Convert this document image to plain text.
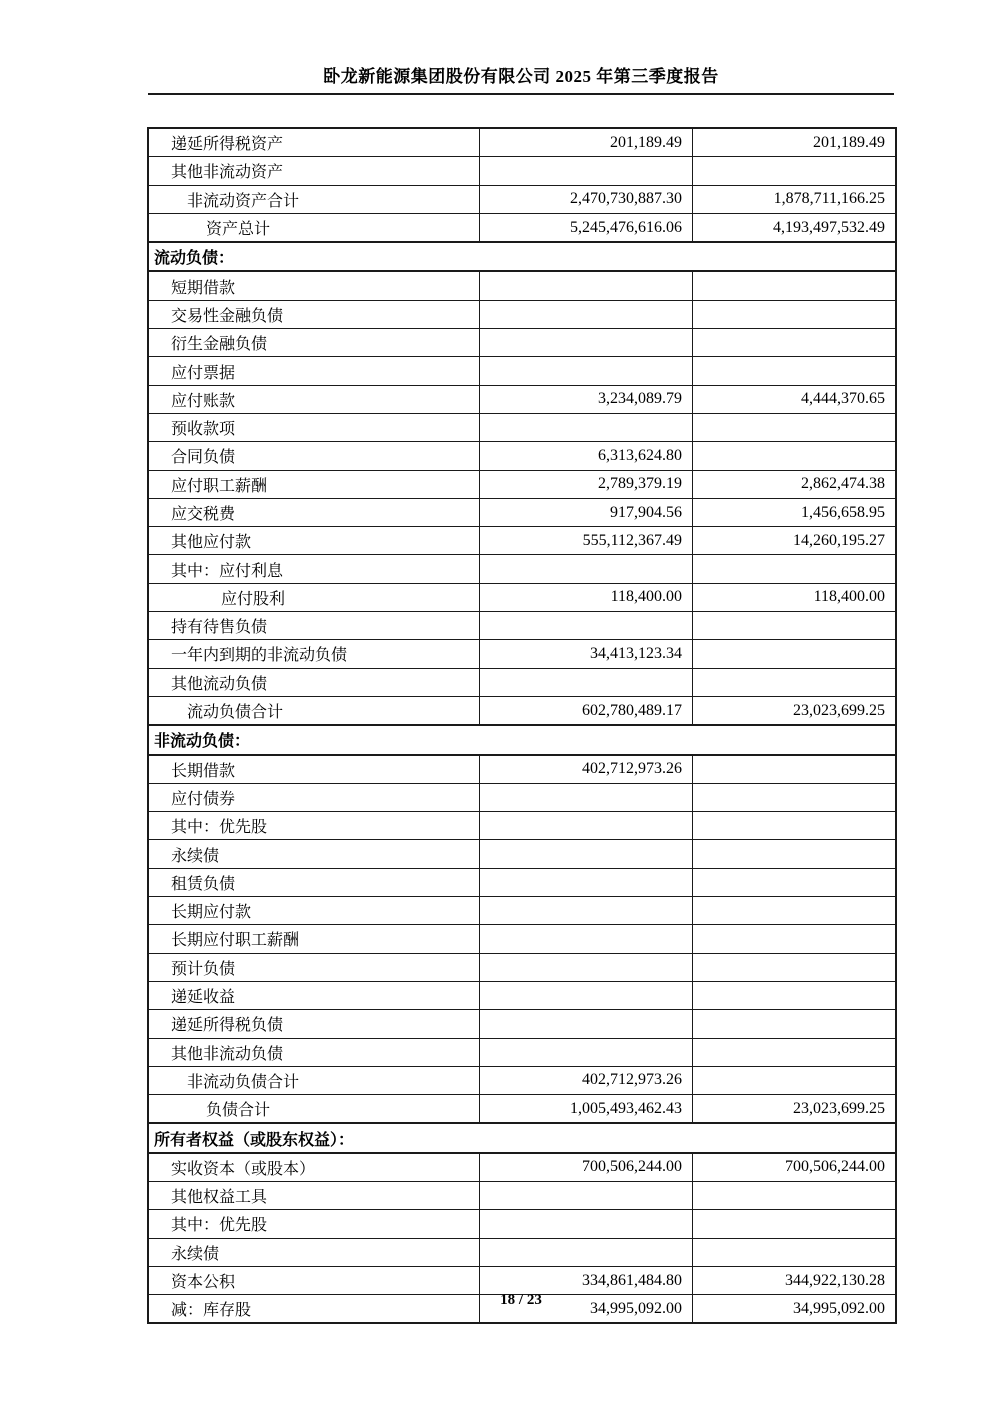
卧龙新能源集团股份有限公司 2025 年第三季度报告
递延所得税资产	201,189.49	201,189.49
其他非流动资产
非流动资产合计	2,470,730,887.30	1,878,711,166.25
资产总计	5,245,476,616.06	4,193,497,532.49
流动负债：
短期借款
交易性金融负债
衍生金融负债
应付票据
应付账款	3,234,089.79	4,444,370.65
预收款项
合同负债	6,313,624.80
应付职工薪酬	2,789,379.19	2,862,474.38
应交税费	917,904.56	1,456,658.95
其他应付款	555,112,367.49	14,260,195.27
其中：应付利息
应付股利	118,400.00	118,400.00
持有待售负债
一年内到期的非流动负债	34,413,123.34
其他流动负债
流动负债合计	602,780,489.17	23,023,699.25
非流动负债：
长期借款	402,712,973.26
应付债券
其中：优先股
永续债
租赁负债
长期应付款
长期应付职工薪酬
预计负债
递延收益
递延所得税负债
其他非流动负债
非流动负债合计	402,712,973.26
负债合计	1,005,493,462.43	23,023,699.25
所有者权益（或股东权益）：
实收资本（或股本）	700,506,244.00	700,506,244.00
其他权益工具
其中：优先股
永续债
资本公积	334,861,484.80	344,922,130.28
减：库存股	34,995,092.00	34,995,092.00
18 / 23
